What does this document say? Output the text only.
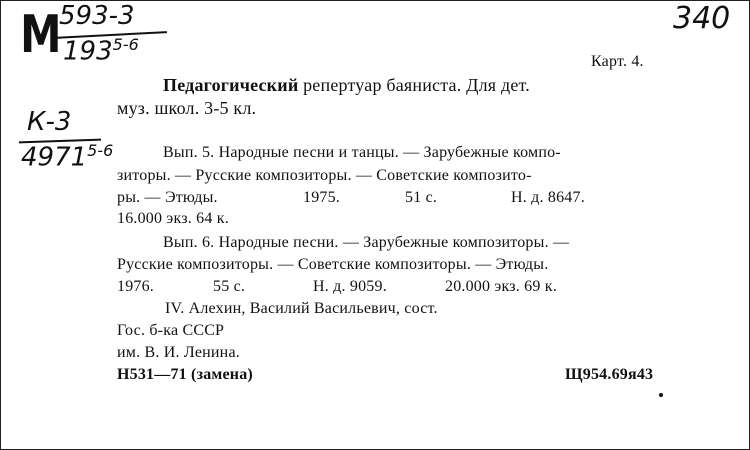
М
593-3
193$^{5-6}$
340
К-3
4971$^{5-6}$
Карт. 4.
Педагогический репертуар баяниста. Для дет.
муз. школ. 3-5 кл.
Вып. 5. Народные песни и танцы. — Зарубежные компо-
зиторы. — Русские композиторы. — Советские композито-
ры. — Этюды.	1975.	51 с.	Н. д. 8647.
16.000 экз. 64 к.
Вып. 6. Народные песни. — Зарубежные композиторы. —
Русские композиторы. — Советские композиторы. — Этюды.
1976.	55 с.	Н. д. 9059.	20.000 экз. 69 к.
IV. Алехин, Василий Васильевич, сост.
Гос. б-ка СССР
им. В. И. Ленина.
Н531—71 (замена)	Щ954.69я43
